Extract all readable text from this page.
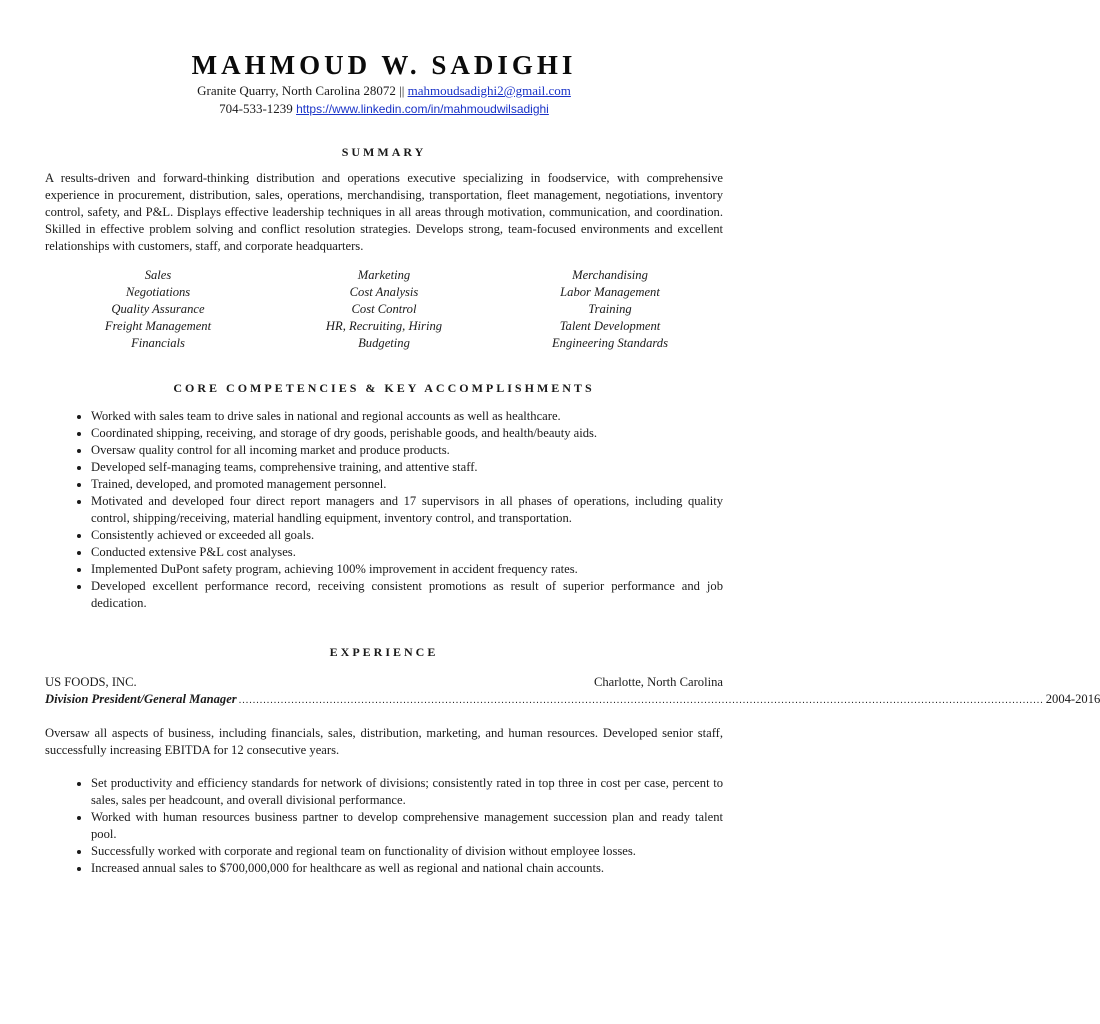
MAHMOUD W. SADIGHI
Granite Quarry, North Carolina 28072 || mahmoudsadighi2@gmail.com
704-533-1239 https://www.linkedin.com/in/mahmoudwilsadighi
SUMMARY

A results-driven and forward-thinking distribution and operations executive specializing in foodservice, with comprehensive experience in procurement, distribution, sales, operations, merchandising, transportation, fleet management, negotiations, inventory control, safety, and P&L. Displays effective leadership techniques in all areas through motivation, communication, and coordination. Skilled in effective problem solving and conflict resolution strategies. Develops strong, team-focused environments and excellent relationships with customers, staff, and corporate headquarters.

Sales
Negotiations
Quality Assurance
Freight Management
Financials
Marketing
Cost Analysis
Cost Control
HR, Recruiting, Hiring
Budgeting
Merchandising
Labor Management
Training
Talent Development
Engineering Standards
CORE COMPETENCIES & KEY ACCOMPLISHMENTS
• Worked with sales team to drive sales in national and regional accounts as well as healthcare.
• Coordinated shipping, receiving, and storage of dry goods, perishable goods, and health/beauty aids.
• Oversaw quality control for all incoming market and produce products.
• Developed self-managing teams, comprehensive training, and attentive staff.
• Trained, developed, and promoted management personnel.
• Motivated and developed four direct report managers and 17 supervisors in all phases of operations, including quality control, shipping/receiving, material handling equipment, inventory control, and transportation.
• Consistently achieved or exceeded all goals.
• Conducted extensive P&L cost analyses.
• Implemented DuPont safety program, achieving 100% improvement in accident frequency rates.
• Developed excellent performance record, receiving consistent promotions as result of superior performance and job dedication.
EXPERIENCE
US FOODS, INC.	Charlotte, North Carolina
Division President/General Manager ...................................................................................................................................................................................................................................... 2004-2016

Oversaw all aspects of business, including financials, sales, distribution, marketing, and human resources. Developed senior staff, successfully increasing EBITDA for 12 consecutive years.

• Set productivity and efficiency standards for network of divisions; consistently rated in top three in cost per case, percent to sales, sales per headcount, and overall divisional performance.
• Worked with human resources business partner to develop comprehensive management succession plan and ready talent pool.
• Successfully worked with corporate and regional team on functionality of division without employee losses.
• Increased annual sales to $700,000,000 for healthcare as well as regional and national chain accounts.
